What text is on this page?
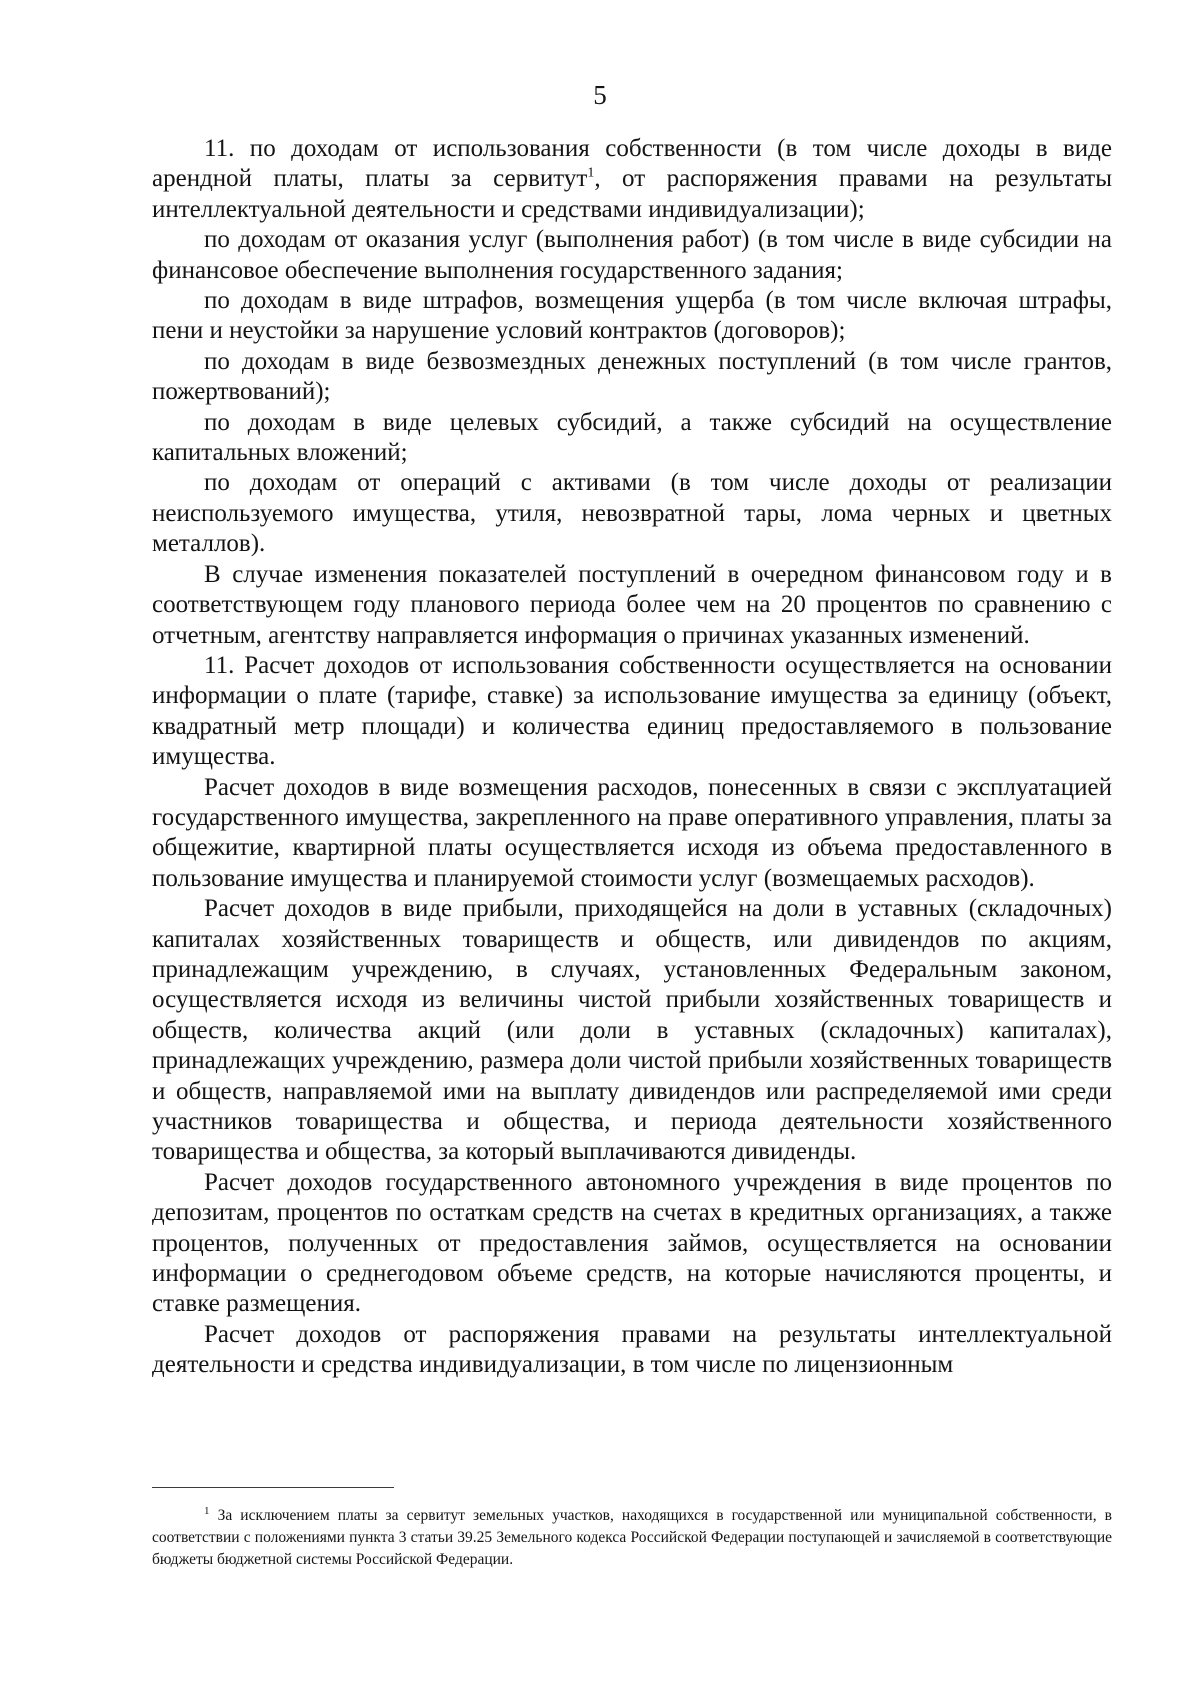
5

11. по доходам от использования собственности (в том числе доходы в виде арендной платы, платы за сервитут$^1$, от распоряжения правами на результаты интеллектуальной деятельности и средствами индивидуализации);

по доходам от оказания услуг (выполнения работ) (в том числе в виде субсидии на финансовое обеспечение выполнения государственного задания;

по доходам в виде штрафов, возмещения ущерба (в том числе включая штрафы, пени и неустойки за нарушение условий контрактов (договоров);

по доходам в виде безвозмездных денежных поступлений (в том числе грантов, пожертвований);

по доходам в виде целевых субсидий, а также субсидий на осуществление капитальных вложений;

по доходам от операций с активами (в том числе доходы от реализации неиспользуемого имущества, утиля, невозвратной тары, лома черных и цветных металлов).

В случае изменения показателей поступлений в очередном финансовом году и в соответствующем году планового периода более чем на 20 процентов по сравнению с отчетным, агентству направляется информация о причинах указанных изменений.

11. Расчет доходов от использования собственности осуществляется на основании информации о плате (тарифе, ставке) за использование имущества за единицу (объект, квадратный метр площади) и количества единиц предоставляемого в пользование имущества.

Расчет доходов в виде возмещения расходов, понесенных в связи с эксплуатацией государственного имущества, закрепленного на праве оперативного управления, платы за общежитие, квартирной платы осуществляется исходя из объема предоставленного в пользование имущества и планируемой стоимости услуг (возмещаемых расходов).

Расчет доходов в виде прибыли, приходящейся на доли в уставных (складочных) капиталах хозяйственных товариществ и обществ, или дивидендов по акциям, принадлежащим учреждению, в случаях, установленных Федеральным законом, осуществляется исходя из величины чистой прибыли хозяйственных товариществ и обществ, количества акций (или доли в уставных (складочных) капиталах), принадлежащих учреждению, размера доли чистой прибыли хозяйственных товариществ и обществ, направляемой ими на выплату дивидендов или распределяемой ими среди участников товарищества и общества, и периода деятельности хозяйственного товарищества и общества, за который выплачиваются дивиденды.

Расчет доходов государственного автономного учреждения в виде процентов по депозитам, процентов по остаткам средств на счетах в кредитных организациях, а также процентов, полученных от предоставления займов, осуществляется на основании информации о среднегодовом объеме средств, на которые начисляются проценты, и ставке размещения.

Расчет доходов от распоряжения правами на результаты интеллектуальной деятельности и средства индивидуализации, в том числе по лицензионным

$^1$ За исключением платы за сервитут земельных участков, находящихся в государственной или муниципальной собственности, в соответствии с положениями пункта 3 статьи 39.25 Земельного кодекса Российской Федерации поступающей и зачисляемой в соответствующие бюджеты бюджетной системы Российской Федерации.
